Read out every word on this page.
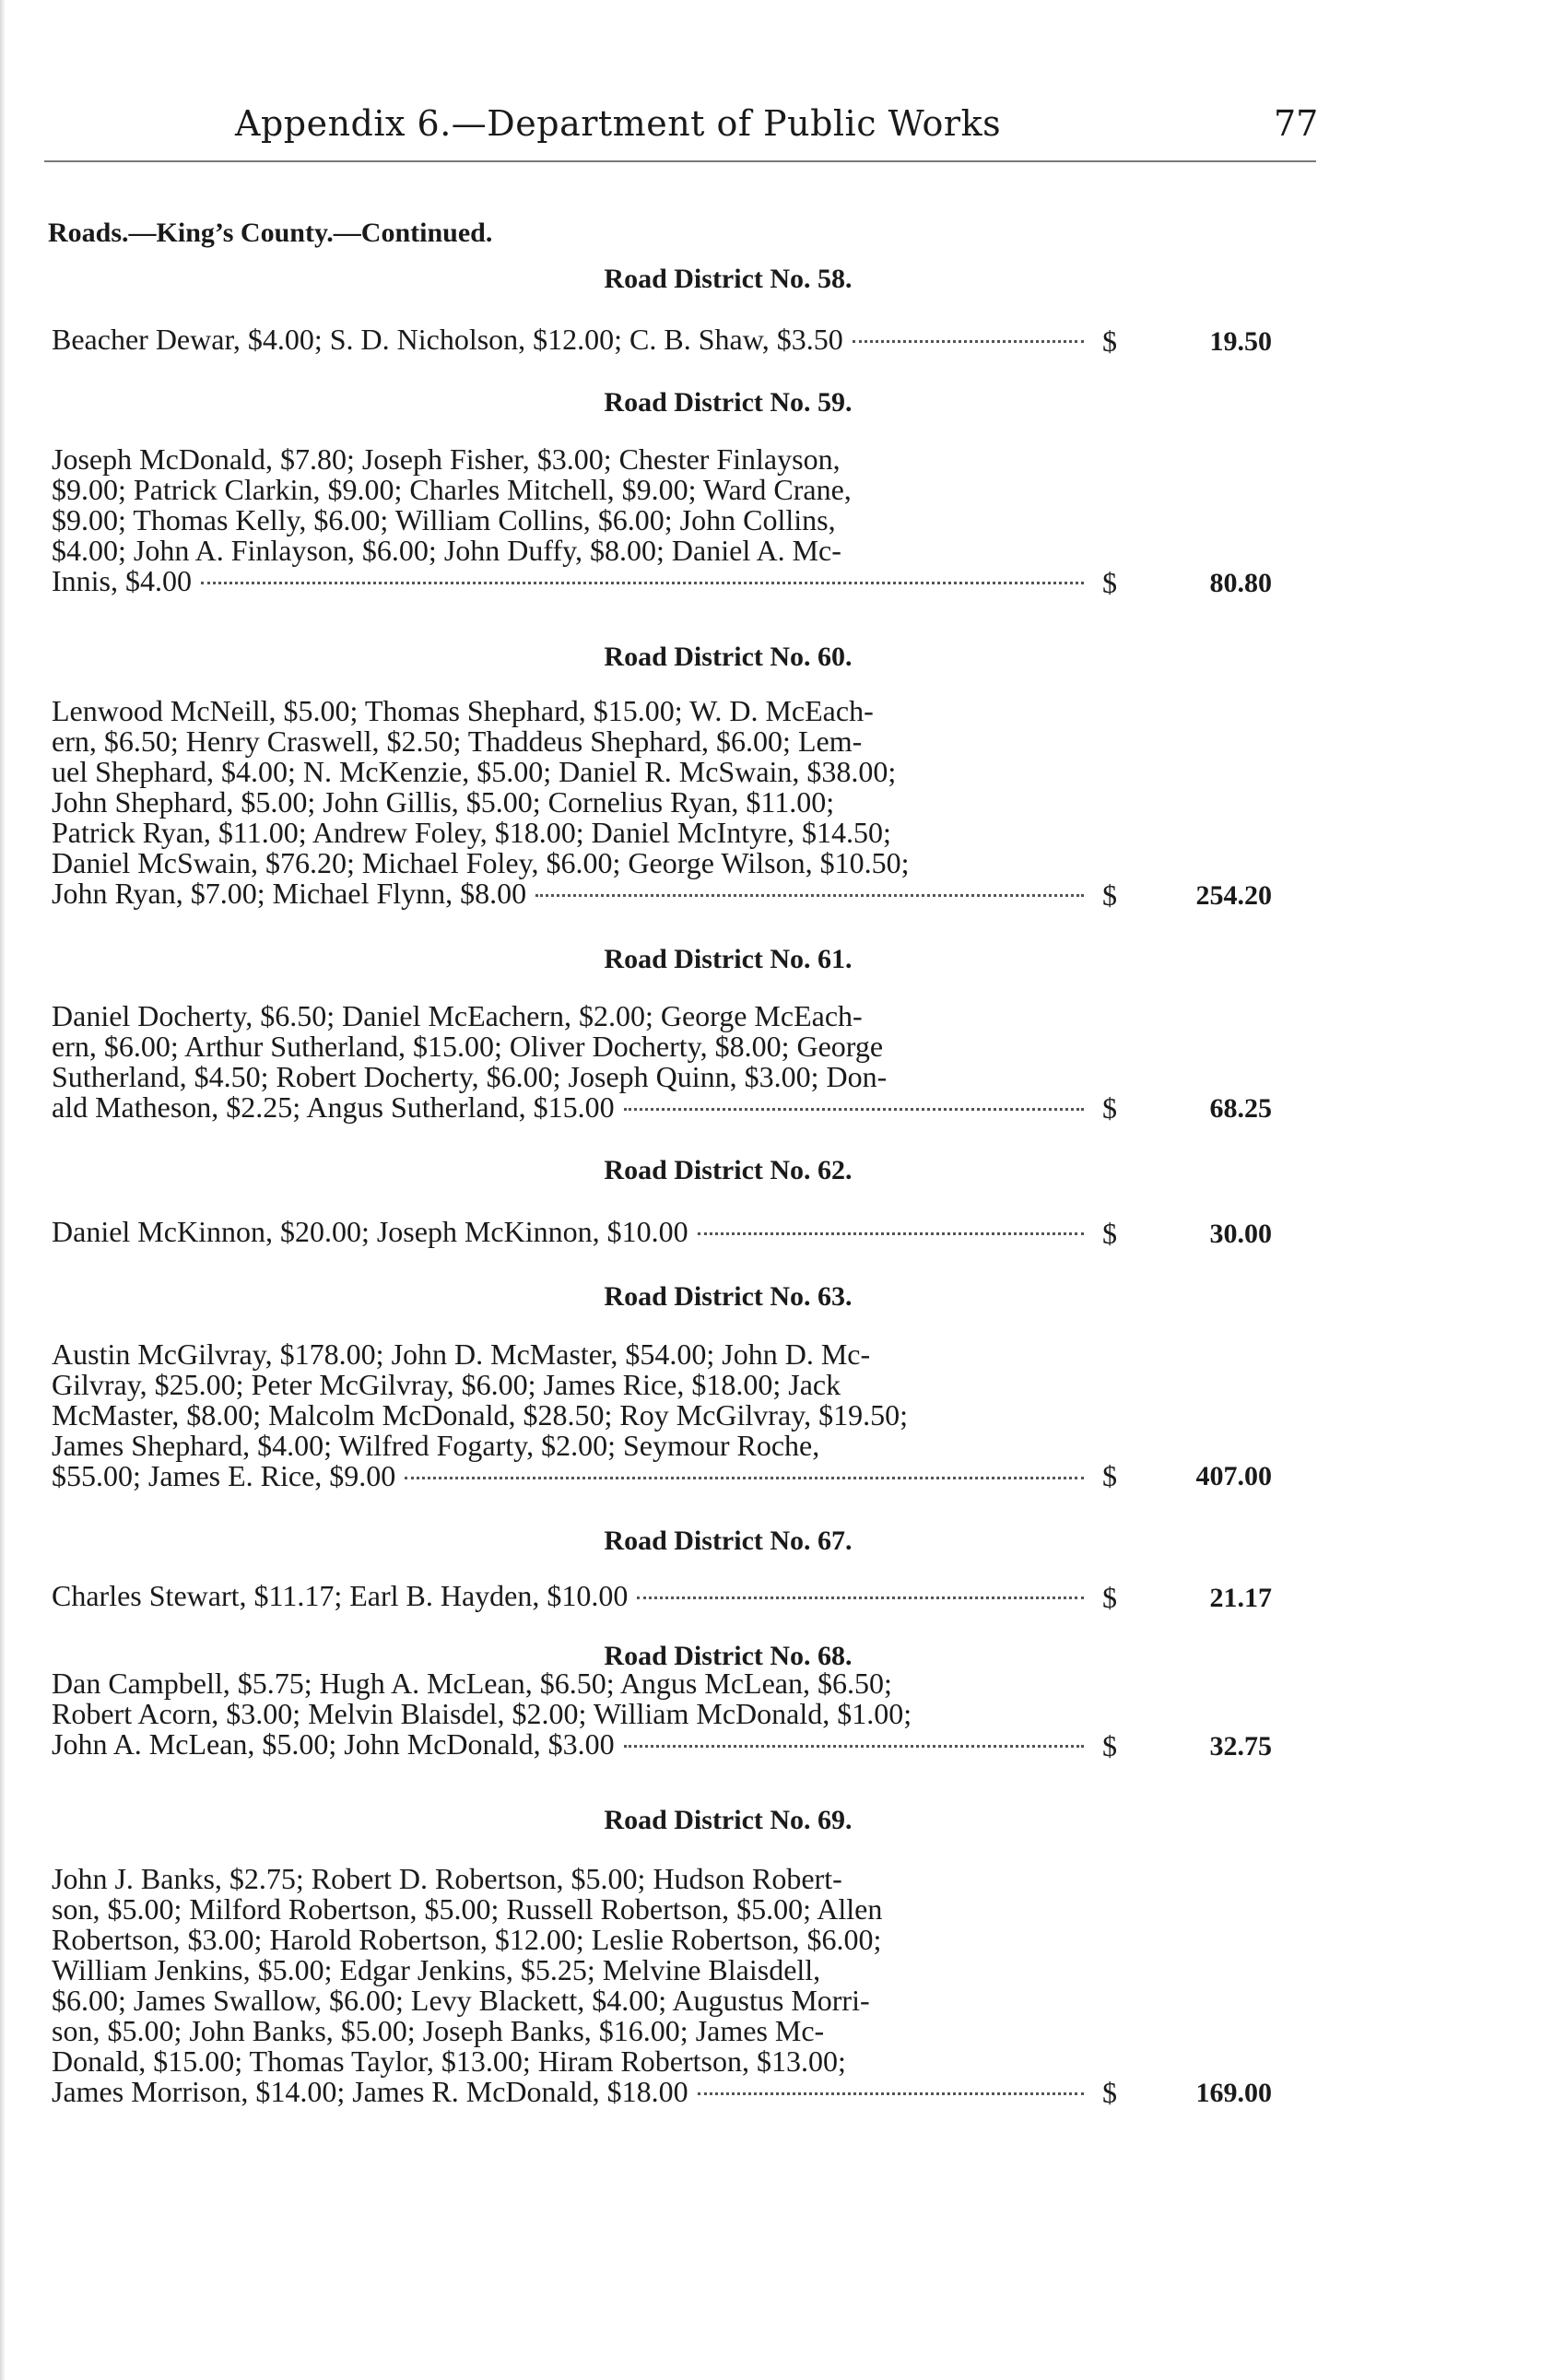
Appendix 6.—Department of Public Works	77
Roads.—King’s County.—Continued.
Road District No. 58.
Beacher Dewar, $4.00; S. D. Nicholson, $12.00; C. B. Shaw, $3.50	$	19.50
Road District No. 59.
Joseph McDonald, $7.80; Joseph Fisher, $3.00; Chester Finlayson,
$9.00; Patrick Clarkin, $9.00; Charles Mitchell, $9.00; Ward Crane,
$9.00; Thomas Kelly, $6.00; William Collins, $6.00; John Collins,
$4.00; John A. Finlayson, $6.00; John Duffy, $8.00; Daniel A. Mc-
Innis, $4.00	$	80.80
Road District No. 60.
Lenwood McNeill, $5.00; Thomas Shephard, $15.00; W. D. McEach-
ern, $6.50; Henry Craswell, $2.50; Thaddeus Shephard, $6.00; Lem-
uel Shephard, $4.00; N. McKenzie, $5.00; Daniel R. McSwain, $38.00;
John Shephard, $5.00; John Gillis, $5.00; Cornelius Ryan, $11.00;
Patrick Ryan, $11.00; Andrew Foley, $18.00; Daniel McIntyre, $14.50;
Daniel McSwain, $76.20; Michael Foley, $6.00; George Wilson, $10.50;
John Ryan, $7.00; Michael Flynn, $8.00	$	254.20
Road District No. 61.
Daniel Docherty, $6.50; Daniel McEachern, $2.00; George McEach-
ern, $6.00; Arthur Sutherland, $15.00; Oliver Docherty, $8.00; George
Sutherland, $4.50; Robert Docherty, $6.00; Joseph Quinn, $3.00; Don-
ald Matheson, $2.25; Angus Sutherland, $15.00	$	68.25
Road District No. 62.
Daniel McKinnon, $20.00; Joseph McKinnon, $10.00	$	30.00
Road District No. 63.
Austin McGilvray, $178.00; John D. McMaster, $54.00; John D. Mc-
Gilvray, $25.00; Peter McGilvray, $6.00; James Rice, $18.00; Jack
McMaster, $8.00; Malcolm McDonald, $28.50; Roy McGilvray, $19.50;
James Shephard, $4.00; Wilfred Fogarty, $2.00; Seymour Roche,
$55.00; James E. Rice, $9.00	$	407.00
Road District No. 67.
Charles Stewart, $11.17; Earl B. Hayden, $10.00	$	21.17
Road District No. 68.
Dan Campbell, $5.75; Hugh A. McLean, $6.50; Angus McLean, $6.50;
Robert Acorn, $3.00; Melvin Blaisdel, $2.00; William McDonald, $1.00;
John A. McLean, $5.00; John McDonald, $3.00	$	32.75
Road District No. 69.
John J. Banks, $2.75; Robert D. Robertson, $5.00; Hudson Robert-
son, $5.00; Milford Robertson, $5.00; Russell Robertson, $5.00; Allen
Robertson, $3.00; Harold Robertson, $12.00; Leslie Robertson, $6.00;
William Jenkins, $5.00; Edgar Jenkins, $5.25; Melvine Blaisdell,
$6.00; James Swallow, $6.00; Levy Blackett, $4.00; Augustus Morri-
son, $5.00; John Banks, $5.00; Joseph Banks, $16.00; James Mc-
Donald, $15.00; Thomas Taylor, $13.00; Hiram Robertson, $13.00;
James Morrison, $14.00; James R. McDonald, $18.00	$	169.00
